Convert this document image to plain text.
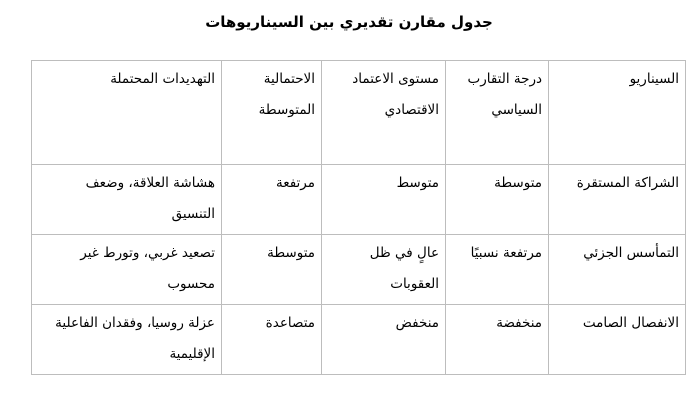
جدول مقارن تقديري بين السيناريوهات
السيناريو	درجة التقارب السياسي	مستوى الاعتماد الاقتصادي	الاحتمالية المتوسطة	التهديدات المحتملة
الشراكة المستقرة	متوسطة	متوسط	مرتفعة	هشاشة العلاقة، وضعف التنسيق
التمأسس الجزئي	مرتفعة نسبيًا	عالٍ في ظل العقوبات	متوسطة	تصعيد غربي، وتورط غير محسوب
الانفصال الصامت	منخفضة	منخفض	متصاعدة	عزلة روسيا، وفقدان الفاعلية الإقليمية
